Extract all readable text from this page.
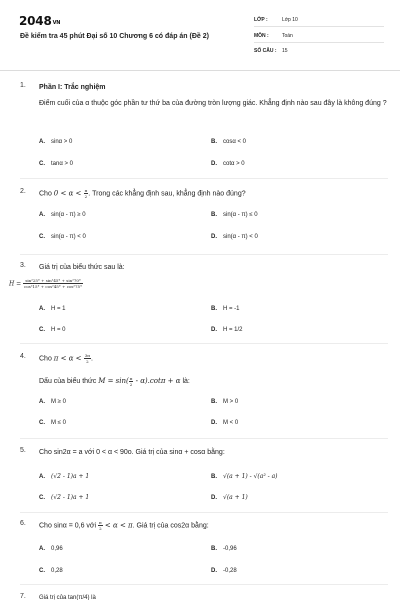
$2048^{VN}$
Đề kiểm tra 45 phút Đại số 10 Chương 6 có đáp án (Đề 2)
LỚP :	Lớp 10
MÔN :	Toán
SỐ CÂU : 15
1. Phần I: Trắc nghiệm
Điểm cuối của α thuộc góc phần tư thứ ba của đường tròn lượng giác. Khẳng định nào sau đây là không đúng ?
A. sinα > 0	B. cosα < 0
C. tanα > 0	D. cotα > 0
2. Cho $0 < \alpha < \frac{\pi}{2}$ . Trong các khẳng định sau, khẳng định nào đúng?
A. sin(α - π) ≥ 0	B. sin(α - π) ≤ 0
C. sin(α - π) < 0	D. sin(α - π) < 0
3. Giá trị của biểu thức sau là:
$H = \frac{\text{sin²25° + sin²45° + sin²70°}}{\text{cos²15° + cos²45° + cos²75°}}$
A. H = 1	B. H = -1
C. H = 0	D. H = 1/2
4. Cho $\pi < \alpha < \frac{3\pi}{2}$ .
Dấu của biểu thức $M = \sin( \frac{\pi}{2} - \alpha).\cot\pi + \alpha$ là:
A. M ≥ 0	B. M > 0
C. M ≤ 0	D. M < 0
5. Cho sin2α = a với 0 < α < 90o. Giá trị của sinα + cosα bằng:
A. (√2 - 1)a + 1	B. √(a + 1) - √(a² - a)
C. (√2 - 1)a + 1	D. √(a + 1)
6. Cho sinα = 0,6 với $\frac{\pi}{2} < \alpha < \pi$. Giá trị của cos2α bằng:
A. 0,96	B. -0,96
C. 0,28	D. -0,28
7. Giá trị của tan(π/4) là
